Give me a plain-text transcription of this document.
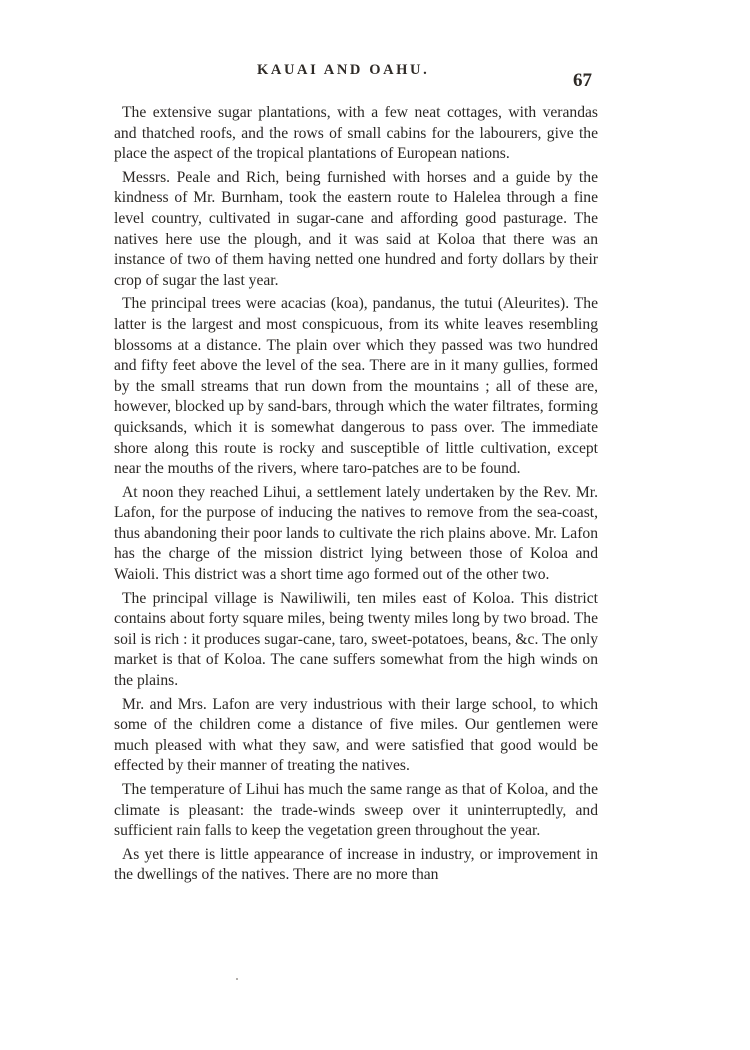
KAUAI AND OAHU.	67

The extensive sugar plantations, with a few neat cottages, with verandas and thatched roofs, and the rows of small cabins for the labourers, give the place the aspect of the tropical plantations of European nations.

Messrs. Peale and Rich, being furnished with horses and a guide by the kindness of Mr. Burnham, took the eastern route to Halelea through a fine level country, cultivated in sugar-cane and affording good pasturage. The natives here use the plough, and it was said at Koloa that there was an instance of two of them having netted one hundred and forty dollars by their crop of sugar the last year.

The principal trees were acacias (koa), pandanus, the tutui (Aleurites). The latter is the largest and most conspicuous, from its white leaves resembling blossoms at a distance. The plain over which they passed was two hundred and fifty feet above the level of the sea. There are in it many gullies, formed by the small streams that run down from the mountains ; all of these are, however, blocked up by sand-bars, through which the water filtrates, forming quicksands, which it is somewhat dangerous to pass over. The immediate shore along this route is rocky and susceptible of little cultivation, except near the mouths of the rivers, where taro-patches are to be found.

At noon they reached Lihui, a settlement lately undertaken by the Rev. Mr. Lafon, for the purpose of inducing the natives to remove from the sea-coast, thus abandoning their poor lands to cultivate the rich plains above. Mr. Lafon has the charge of the mission district lying between those of Koloa and Waioli. This district was a short time ago formed out of the other two.

The principal village is Nawiliwili, ten miles east of Koloa. This district contains about forty square miles, being twenty miles long by two broad. The soil is rich : it produces sugar-cane, taro, sweet-potatoes, beans, &c. The only market is that of Koloa. The cane suffers somewhat from the high winds on the plains.

Mr. and Mrs. Lafon are very industrious with their large school, to which some of the children come a distance of five miles. Our gentlemen were much pleased with what they saw, and were satisfied that good would be effected by their manner of treating the natives.

The temperature of Lihui has much the same range as that of Koloa, and the climate is pleasant: the trade-winds sweep over it uninterruptedly, and sufficient rain falls to keep the vegetation green throughout the year.

As yet there is little appearance of increase in industry, or improvement in the dwellings of the natives. There are no more than
